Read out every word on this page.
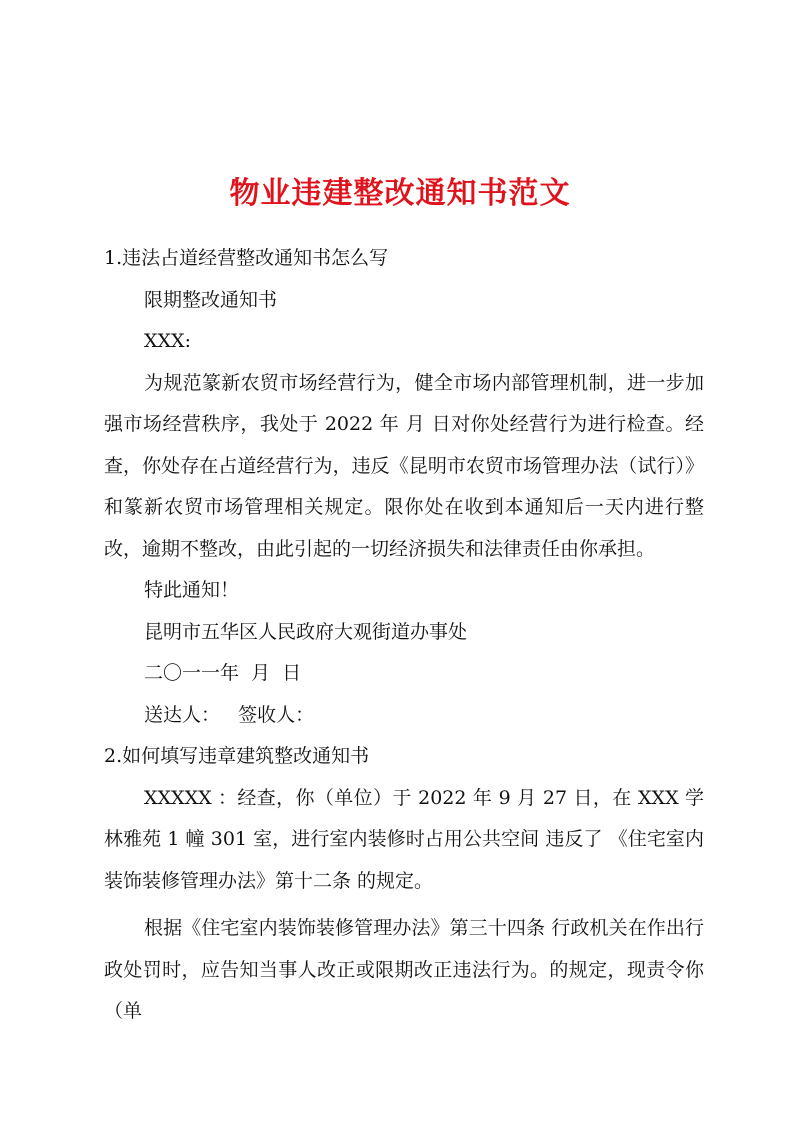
物业违建整改通知书范文

1.违法占道经营整改通知书怎么写

限期整改通知书

XXX:

为规范篆新农贸市场经营行为，健全市场内部管理机制，进一步加强市场经营秩序，我处于 2022 年 月 日对你处经营行为进行检查。经查，你处存在占道经营行为，违反《昆明市农贸市场管理办法（试行）》和篆新农贸市场管理相关规定。限你处在收到本通知后一天内进行整改，逾期不整改，由此引起的一切经济损失和法律责任由你承担。

特此通知！

昆明市五华区人民政府大观街道办事处

二〇一一年  月  日

送达人：   签收人：

2.如何填写违章建筑整改通知书

XXXXX ：经查，你（单位）于 2022 年 9 月 27 日，在 XXX 学林雅苑 1 幢 301 室，进行室内装修时占用公共空间 违反了 《住宅室内装饰装修管理办法》第十二条 的规定。

根据《住宅室内装饰装修管理办法》第三十四条 行政机关在作出行政处罚时，应告知当事人改正或限期改正违法行为。的规定，现责令你（单
